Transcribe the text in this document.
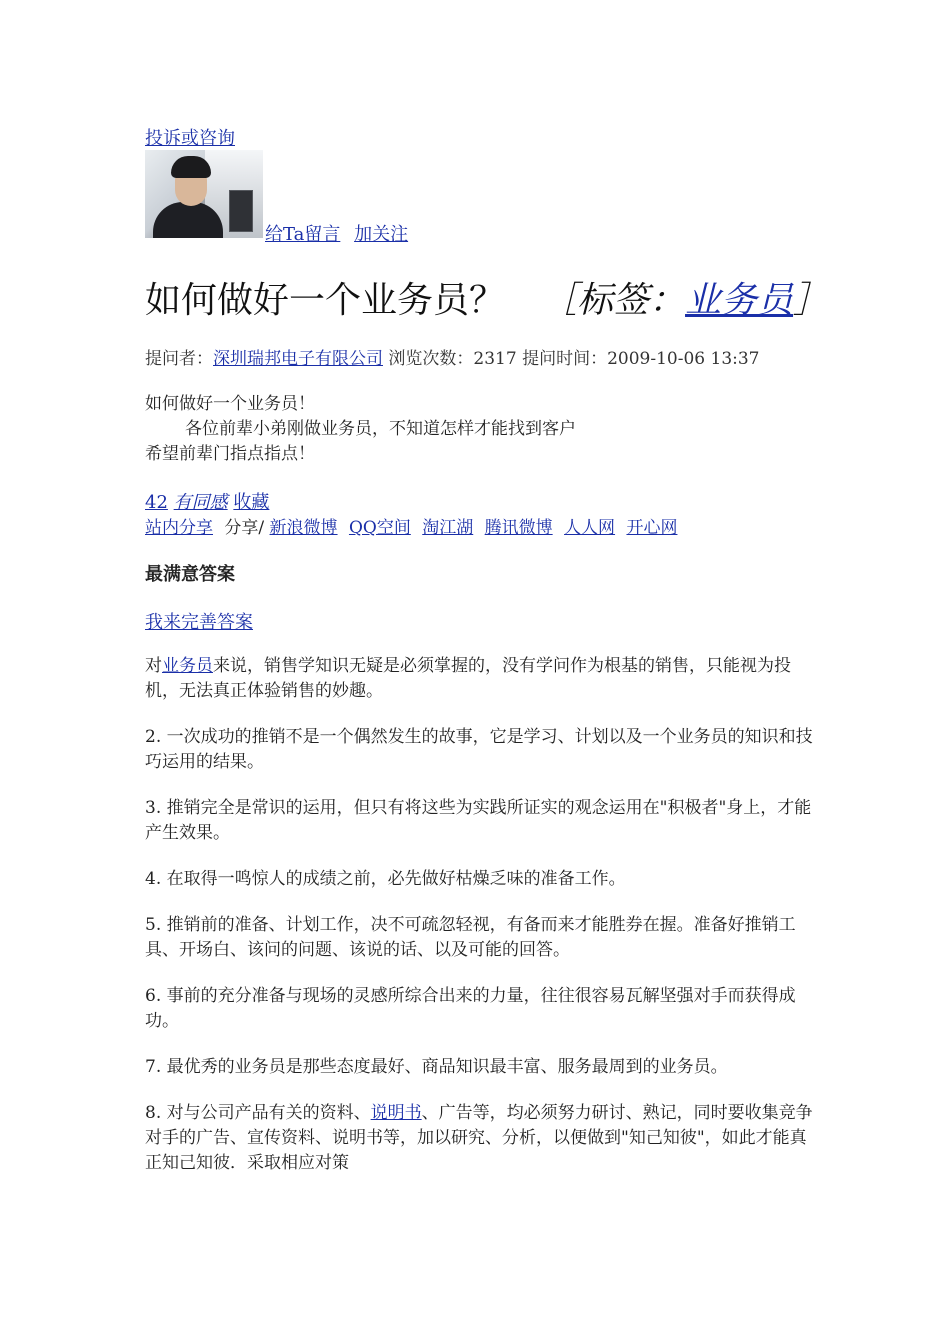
投诉或咨询
给Ta留言 加关注
如何做好一个业务员？ ［标签：业务员］
提问者：深圳瑞邦电子有限公司 浏览次数：2317 提问时间：2009-10-06 13:37
如何做好一个业务员！
各位前辈小弟刚做业务员，不知道怎样才能找到客户
希望前辈门指点指点！
42 有同感 收藏
站内分享 分享/ 新浪微博 QQ空间 淘江湖 腾讯微博 人人网 开心网
最满意答案
我来完善答案

对业务员来说，销售学知识无疑是必须掌握的，没有学问作为根基的销售，只能视为投机，无法真正体验销售的妙趣。

2. 一次成功的推销不是一个偶然发生的故事，它是学习、计划以及一个业务员的知识和技巧运用的结果。

3. 推销完全是常识的运用，但只有将这些为实践所证实的观念运用在"积极者"身上，才能产生效果。

4. 在取得一鸣惊人的成绩之前，必先做好枯燥乏味的准备工作。

5. 推销前的准备、计划工作，决不可疏忽轻视，有备而来才能胜券在握。准备好推销工具、开场白、该问的问题、该说的话、以及可能的回答。

6. 事前的充分准备与现场的灵感所综合出来的力量，往往很容易瓦解坚强对手而获得成功。

7. 最优秀的业务员是那些态度最好、商品知识最丰富、服务最周到的业务员。

8. 对与公司产品有关的资料、说明书、广告等，均必须努力研讨、熟记，同时要收集竞争对手的广告、宣传资料、说明书等，加以研究、分析，以便做到"知己知彼"，如此才能真正知己知彼．采取相应对策
